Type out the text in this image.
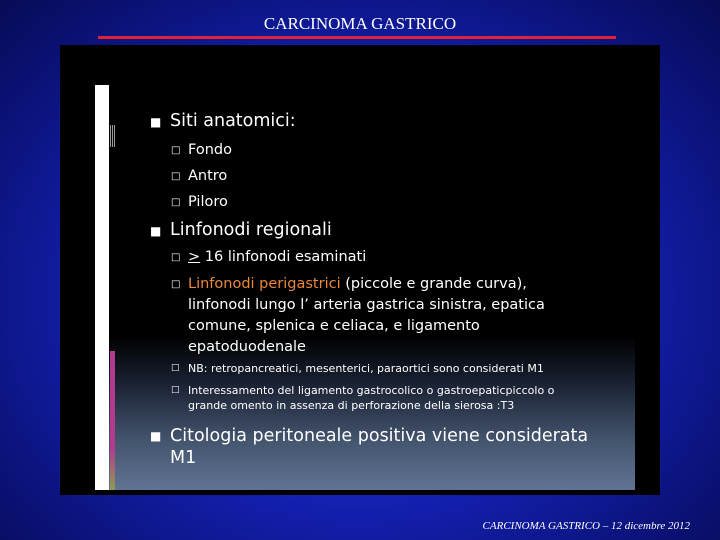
CARCINOMA GASTRICO
■ Siti anatomici:
□ Fondo
□ Antro
□ Piloro
■ Linfonodi regionali
□ > 16 linfonodi esaminati
□ Linfonodi perigastrici (piccole e grande curva),
linfonodi lungo l’ arteria gastrica sinistra, epatica
comune, splenica e celiaca, e ligamento
epatoduodenale
□ NB: retropancreatici, mesenterici, paraortici sono considerati M1
□ Interessamento del ligamento gastrocolico o gastroepaticpiccolo o
grande omento in assenza di perforazione della sierosa :T3
■ Citologia peritoneale positiva viene considerata
M1
CARCINOMA GASTRICO – 12 dicembre 2012
